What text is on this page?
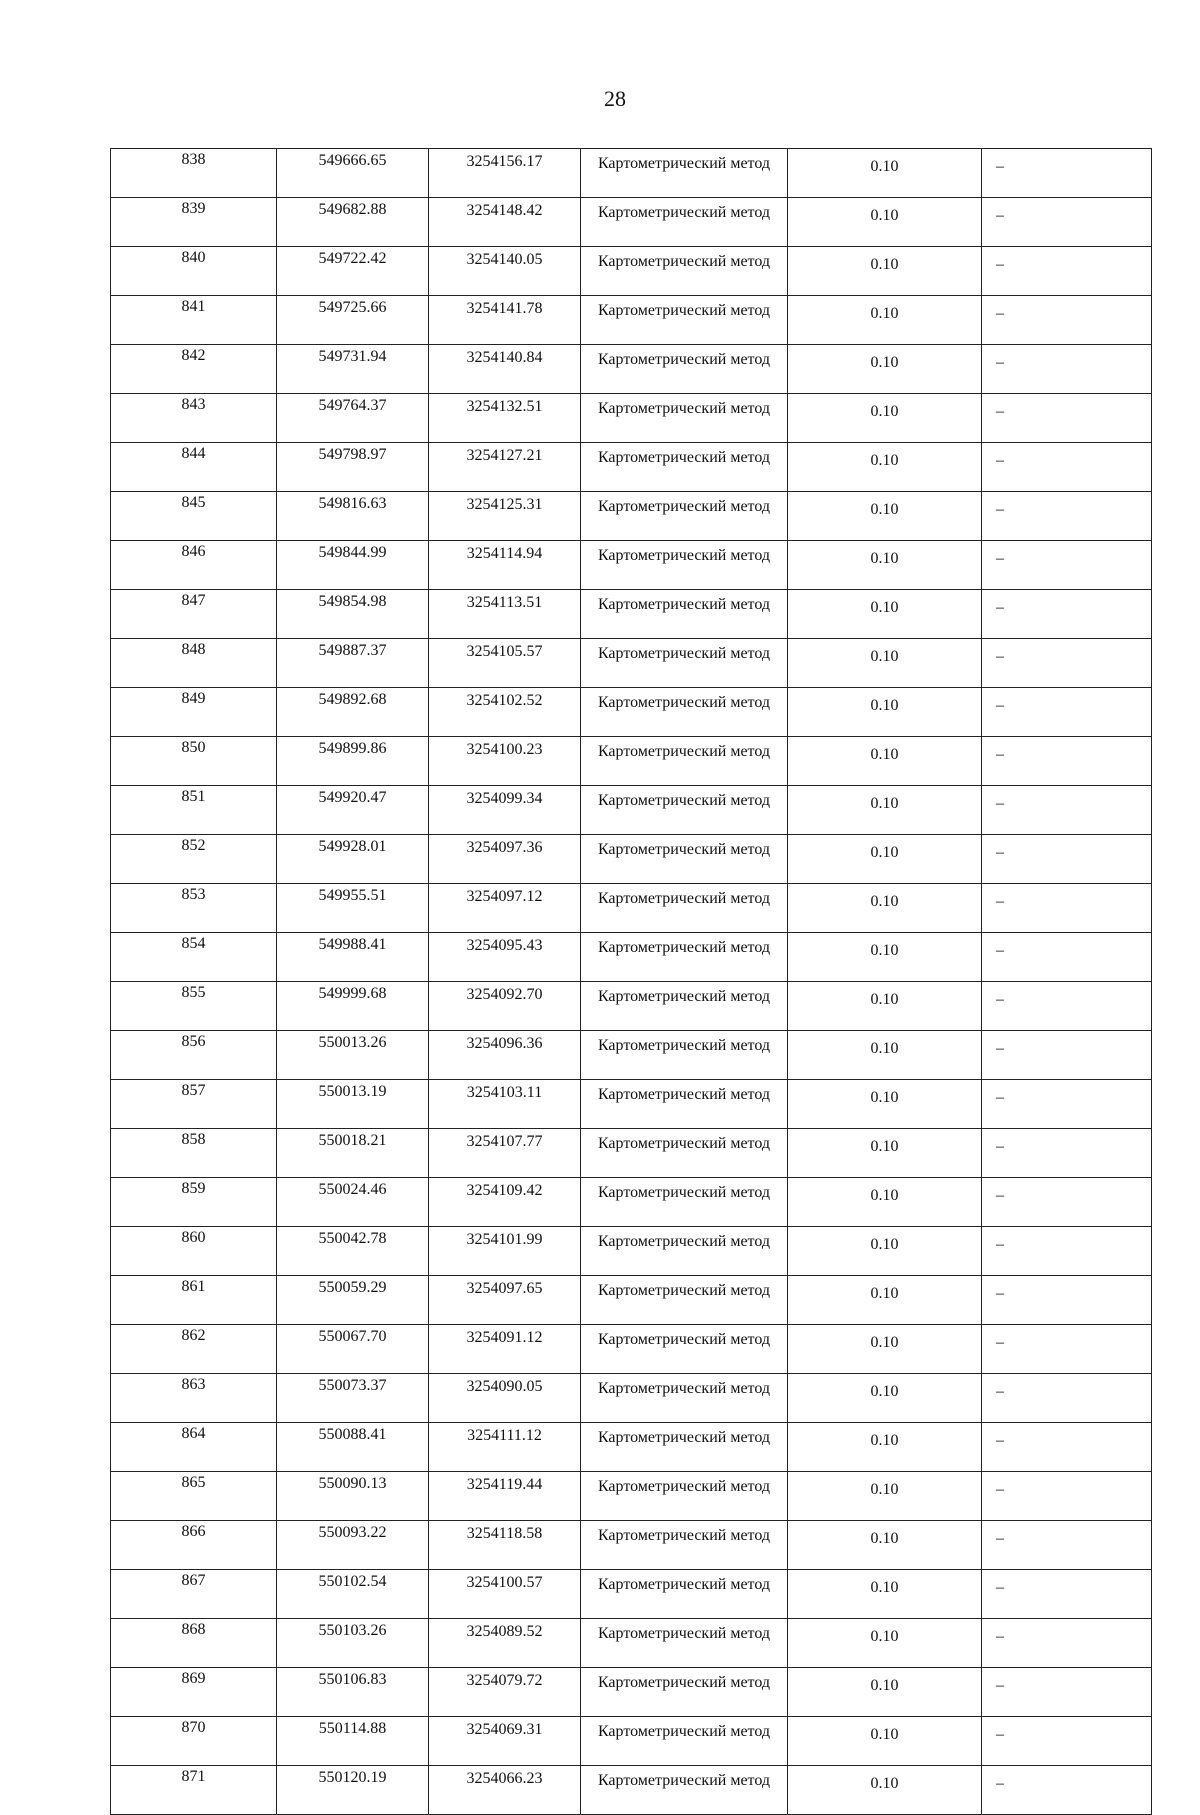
28
838	549666.65	3254156.17	Картометрический метод	0.10	–
839	549682.88	3254148.42	Картометрический метод	0.10	–
840	549722.42	3254140.05	Картометрический метод	0.10	–
841	549725.66	3254141.78	Картометрический метод	0.10	–
842	549731.94	3254140.84	Картометрический метод	0.10	–
843	549764.37	3254132.51	Картометрический метод	0.10	–
844	549798.97	3254127.21	Картометрический метод	0.10	–
845	549816.63	3254125.31	Картометрический метод	0.10	–
846	549844.99	3254114.94	Картометрический метод	0.10	–
847	549854.98	3254113.51	Картометрический метод	0.10	–
848	549887.37	3254105.57	Картометрический метод	0.10	–
849	549892.68	3254102.52	Картометрический метод	0.10	–
850	549899.86	3254100.23	Картометрический метод	0.10	–
851	549920.47	3254099.34	Картометрический метод	0.10	–
852	549928.01	3254097.36	Картометрический метод	0.10	–
853	549955.51	3254097.12	Картометрический метод	0.10	–
854	549988.41	3254095.43	Картометрический метод	0.10	–
855	549999.68	3254092.70	Картометрический метод	0.10	–
856	550013.26	3254096.36	Картометрический метод	0.10	–
857	550013.19	3254103.11	Картометрический метод	0.10	–
858	550018.21	3254107.77	Картометрический метод	0.10	–
859	550024.46	3254109.42	Картометрический метод	0.10	–
860	550042.78	3254101.99	Картометрический метод	0.10	–
861	550059.29	3254097.65	Картометрический метод	0.10	–
862	550067.70	3254091.12	Картометрический метод	0.10	–
863	550073.37	3254090.05	Картометрический метод	0.10	–
864	550088.41	3254111.12	Картометрический метод	0.10	–
865	550090.13	3254119.44	Картометрический метод	0.10	–
866	550093.22	3254118.58	Картометрический метод	0.10	–
867	550102.54	3254100.57	Картометрический метод	0.10	–
868	550103.26	3254089.52	Картометрический метод	0.10	–
869	550106.83	3254079.72	Картометрический метод	0.10	–
870	550114.88	3254069.31	Картометрический метод	0.10	–
871	550120.19	3254066.23	Картометрический метод	0.10	–
